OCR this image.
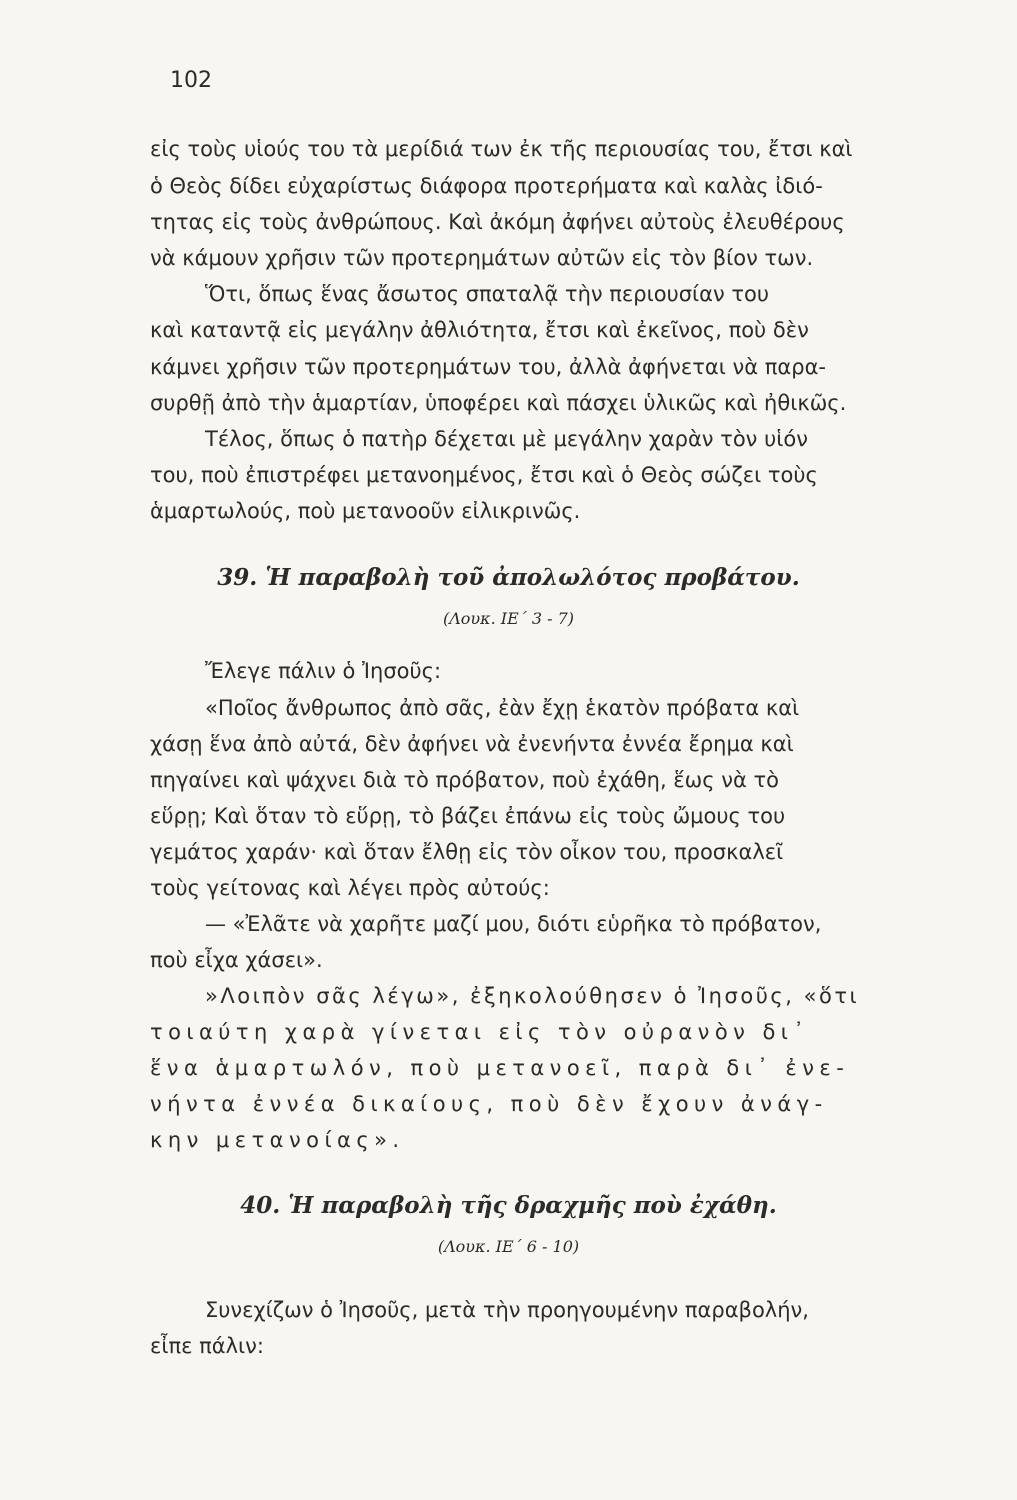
102
εἰς τοὺς υἱούς του τὰ μερίδιά των ἐκ τῆς περιουσίας του, ἔτσι καὶ
ὁ Θεὸς δίδει εὐχαρίστως διάφορα προτερήματα καὶ καλὰς ἰδιό-
τητας εἰς τοὺς ἀνθρώπους. Καὶ ἀκόμη ἀφήνει αὐτοὺς ἐλευθέρους
νὰ κάμουν χρῆσιν τῶν προτερημάτων αὐτῶν εἰς τὸν βίον των.
Ὅτι, ὅπως ἕνας ἄσωτος σπαταλᾷ τὴν περιουσίαν του
καὶ καταντᾷ εἰς μεγάλην ἀθλιότητα, ἔτσι καὶ ἐκεῖνος, ποὺ δὲν
κάμνει χρῆσιν τῶν προτερημάτων του, ἀλλὰ ἀφήνεται νὰ παρα-
συρθῇ ἀπὸ τὴν ἁμαρτίαν, ὑποφέρει καὶ πάσχει ὑλικῶς καὶ ἠθικῶς.
Τέλος, ὅπως ὁ πατὴρ δέχεται μὲ μεγάλην χαρὰν τὸν υἱόν
του, ποὺ ἐπιστρέφει μετανοημένος, ἔτσι καὶ ὁ Θεὸς σώζει τοὺς
ἁμαρτωλούς, ποὺ μετανοοῦν εἰλικρινῶς.
39. Ἡ παραβολὴ τοῦ ἀπολωλότος προβάτου.
(Λουκ. ΙΕ΄ 3 - 7)
Ἔλεγε πάλιν ὁ Ἰησοῦς:
«Ποῖος ἄνθρωπος ἀπὸ σᾶς, ἐὰν ἔχῃ ἑκατὸν πρόβατα καὶ
χάσῃ ἕνα ἀπὸ αὐτά, δὲν ἀφήνει νὰ ἐνενήντα ἐννέα ἔρημα καὶ
πηγαίνει καὶ ψάχνει διὰ τὸ πρόβατον, ποὺ ἐχάθη, ἕως νὰ τὸ
εὕρῃ; Καὶ ὅταν τὸ εὕρῃ, τὸ βάζει ἐπάνω εἰς τοὺς ὤμους του
γεμάτος χαράν· καὶ ὅταν ἔλθῃ εἰς τὸν οἶκον του, προσκαλεῖ
τοὺς γείτονας καὶ λέγει πρὸς αὐτούς:
— «Ἐλᾶτε νὰ χαρῆτε μαζί μου, διότι εὑρῆκα τὸ πρόβατον,
ποὺ εἶχα χάσει».
»Λοιπὸν σᾶς λέγω», ἐξηκολούθησεν ὁ Ἰησοῦς, «ὅτι
τοιαύτη χαρὰ γίνεται εἰς τὸν οὐρανὸν δι᾽
ἕνα ἁμαρτωλόν, ποὺ μετανοεῖ, παρὰ δι᾽ ἐνε-
νήντα ἐννέα δικαίους, ποὺ δὲν ἔχουν ἀνάγ-
κην μετανοίας».
40. Ἡ παραβολὴ τῆς δραχμῆς ποὺ ἐχάθη.
(Λουκ. ΙΕ΄ 6 - 10)
Συνεχίζων ὁ Ἰησοῦς, μετὰ τὴν προηγουμένην παραβολήν,
εἶπε πάλιν:
